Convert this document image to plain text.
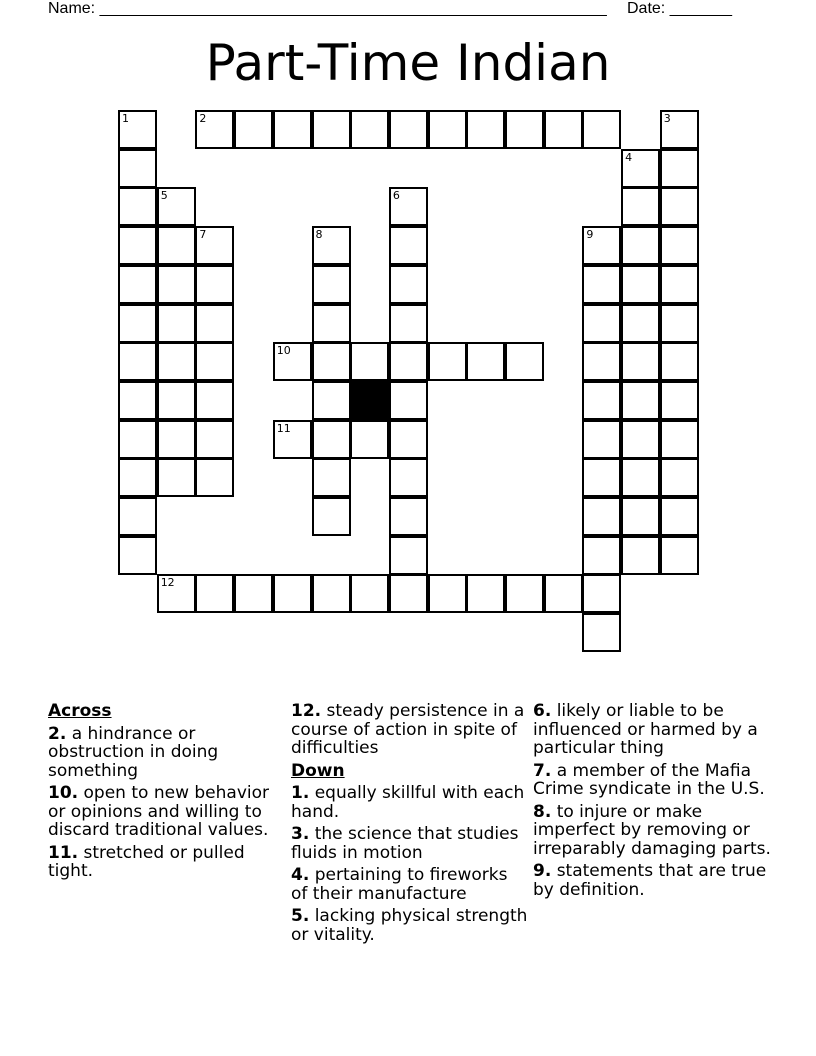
Name: _________________________________________________________ Date: _______
Part-Time Indian
1	2	3
4
5	6
7	8	9
10
11
12
Across
2. a hindrance or obstruction in doing something
10. open to new behavior or opinions and willing to discard traditional values.
11. stretched or pulled tight.
12. steady persistence in a course of action in spite of difficulties
Down
1. equally skillful with each hand.
3. the science that studies fluids in motion
4. pertaining to fireworks of their manufacture
5. lacking physical strength or vitality.
6. likely or liable to be influenced or harmed by a particular thing
7. a member of the Mafia Crime syndicate in the U.S.
8. to injure or make imperfect by removing or irreparably damaging parts.
9. statements that are true by definition.
